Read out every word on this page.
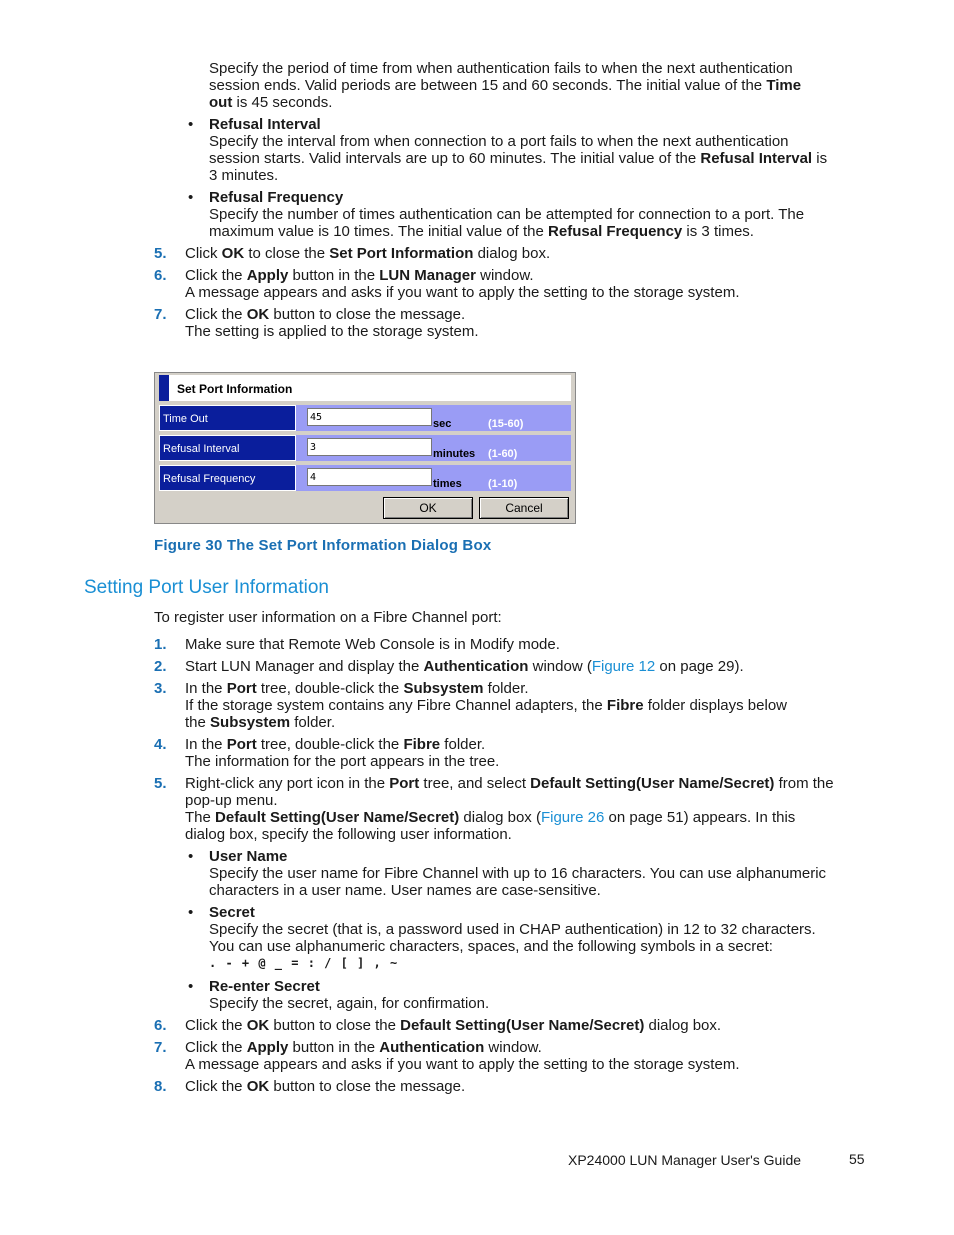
Specify the period of time from when authentication fails to when the next authentication
session ends. Valid periods are between 15 and 60 seconds. The initial value of the Time
out is 45 seconds.
• Refusal Interval
Specify the interval from when connection to a port fails to when the next authentication
session starts. Valid intervals are up to 60 minutes. The initial value of the Refusal Interval is
3 minutes.
• Refusal Frequency
Specify the number of times authentication can be attempted for connection to a port. The
maximum value is 10 times. The initial value of the Refusal Frequency is 3 times.
5. Click OK to close the Set Port Information dialog box.
6. Click the Apply button in the LUN Manager window.
A message appears and asks if you want to apply the setting to the storage system.
7. Click the OK button to close the message.
The setting is applied to the storage system.
Set Port Information
Time Out
45	sec	(15-60)
Refusal Interval
3	minutes (1-60)
Refusal Frequency
4	times (1-10)
OK	Cancel
Figure 30 The Set Port Information Dialog Box
Setting Port User Information
To register user information on a Fibre Channel port:
1. Make sure that Remote Web Console is in Modify mode.
2. Start LUN Manager and display the Authentication window (Figure 12 on page 29).
3. In the Port tree, double-click the Subsystem folder.
If the storage system contains any Fibre Channel adapters, the Fibre folder displays below
the Subsystem folder.
4. In the Port tree, double-click the Fibre folder.
The information for the port appears in the tree.
5. Right-click any port icon in the Port tree, and select Default Setting(User Name/Secret) from the
pop-up menu.
The Default Setting(User Name/Secret) dialog box (Figure 26 on page 51) appears. In this
dialog box, specify the following user information.
• User Name
Specify the user name for Fibre Channel with up to 16 characters. You can use alphanumeric
characters in a user name. User names are case-sensitive.
• Secret
Specify the secret (that is, a password used in CHAP authentication) in 12 to 32 characters.
You can use alphanumeric characters, spaces, and the following symbols in a secret:
. - + @ _ = : / [ ] , ~
• Re-enter Secret
Specify the secret, again, for confirmation.
6. Click the OK button to close the Default Setting(User Name/Secret) dialog box.
7. Click the Apply button in the Authentication window.
A message appears and asks if you want to apply the setting to the storage system.
8. Click the OK button to close the message.
XP24000 LUN Manager User's Guide	55
